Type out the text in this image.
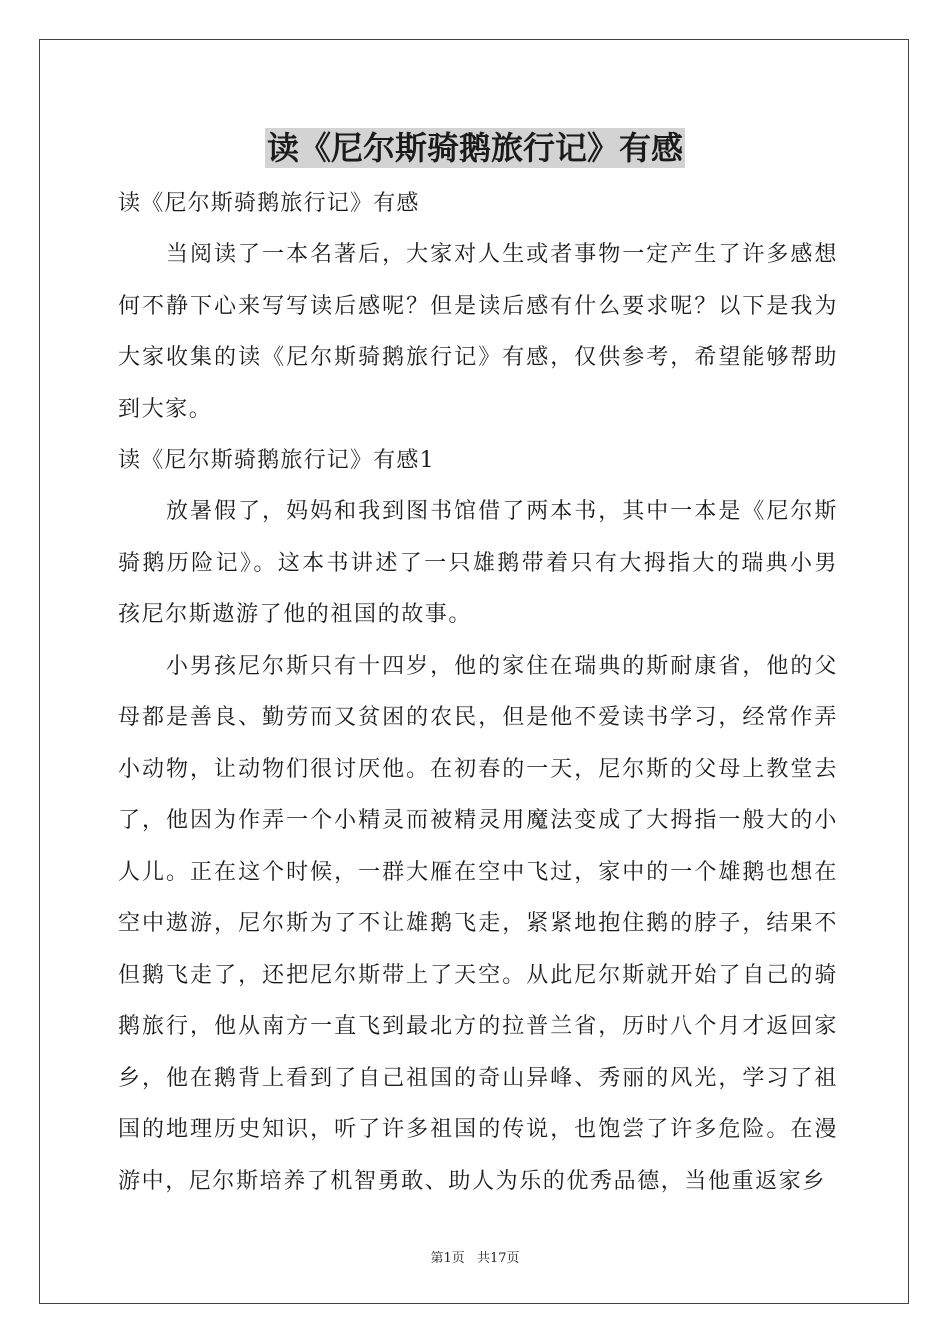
读《尼尔斯骑鹅旅行记》有感

读《尼尔斯骑鹅旅行记》有感

当阅读了一本名著后，大家对人生或者事物一定产生了许多感想何不静下心来写写读后感呢？但是读后感有什么要求呢？以下是我为大家收集的读《尼尔斯骑鹅旅行记》有感，仅供参考，希望能够帮助到大家。

读《尼尔斯骑鹅旅行记》有感1

放暑假了，妈妈和我到图书馆借了两本书，其中一本是《尼尔斯骑鹅历险记》。这本书讲述了一只雄鹅带着只有大拇指大的瑞典小男孩尼尔斯遨游了他的祖国的故事。

小男孩尼尔斯只有十四岁，他的家住在瑞典的斯耐康省，他的父母都是善良、勤劳而又贫困的农民，但是他不爱读书学习，经常作弄小动物，让动物们很讨厌他。在初春的一天，尼尔斯的父母上教堂去了，他因为作弄一个小精灵而被精灵用魔法变成了大拇指一般大的小人儿。正在这个时候，一群大雁在空中飞过，家中的一个雄鹅也想在空中遨游，尼尔斯为了不让雄鹅飞走，紧紧地抱住鹅的脖子，结果不但鹅飞走了，还把尼尔斯带上了天空。从此尼尔斯就开始了自己的骑鹅旅行，他从南方一直飞到最北方的拉普兰省，历时八个月才返回家乡，他在鹅背上看到了自己祖国的奇山异峰、秀丽的风光，学习了祖国的地理历史知识，听了许多祖国的传说，也饱尝了许多危险。在漫游中，尼尔斯培养了机智勇敢、助人为乐的优秀品德，当他重返家乡

第1页 共17页
